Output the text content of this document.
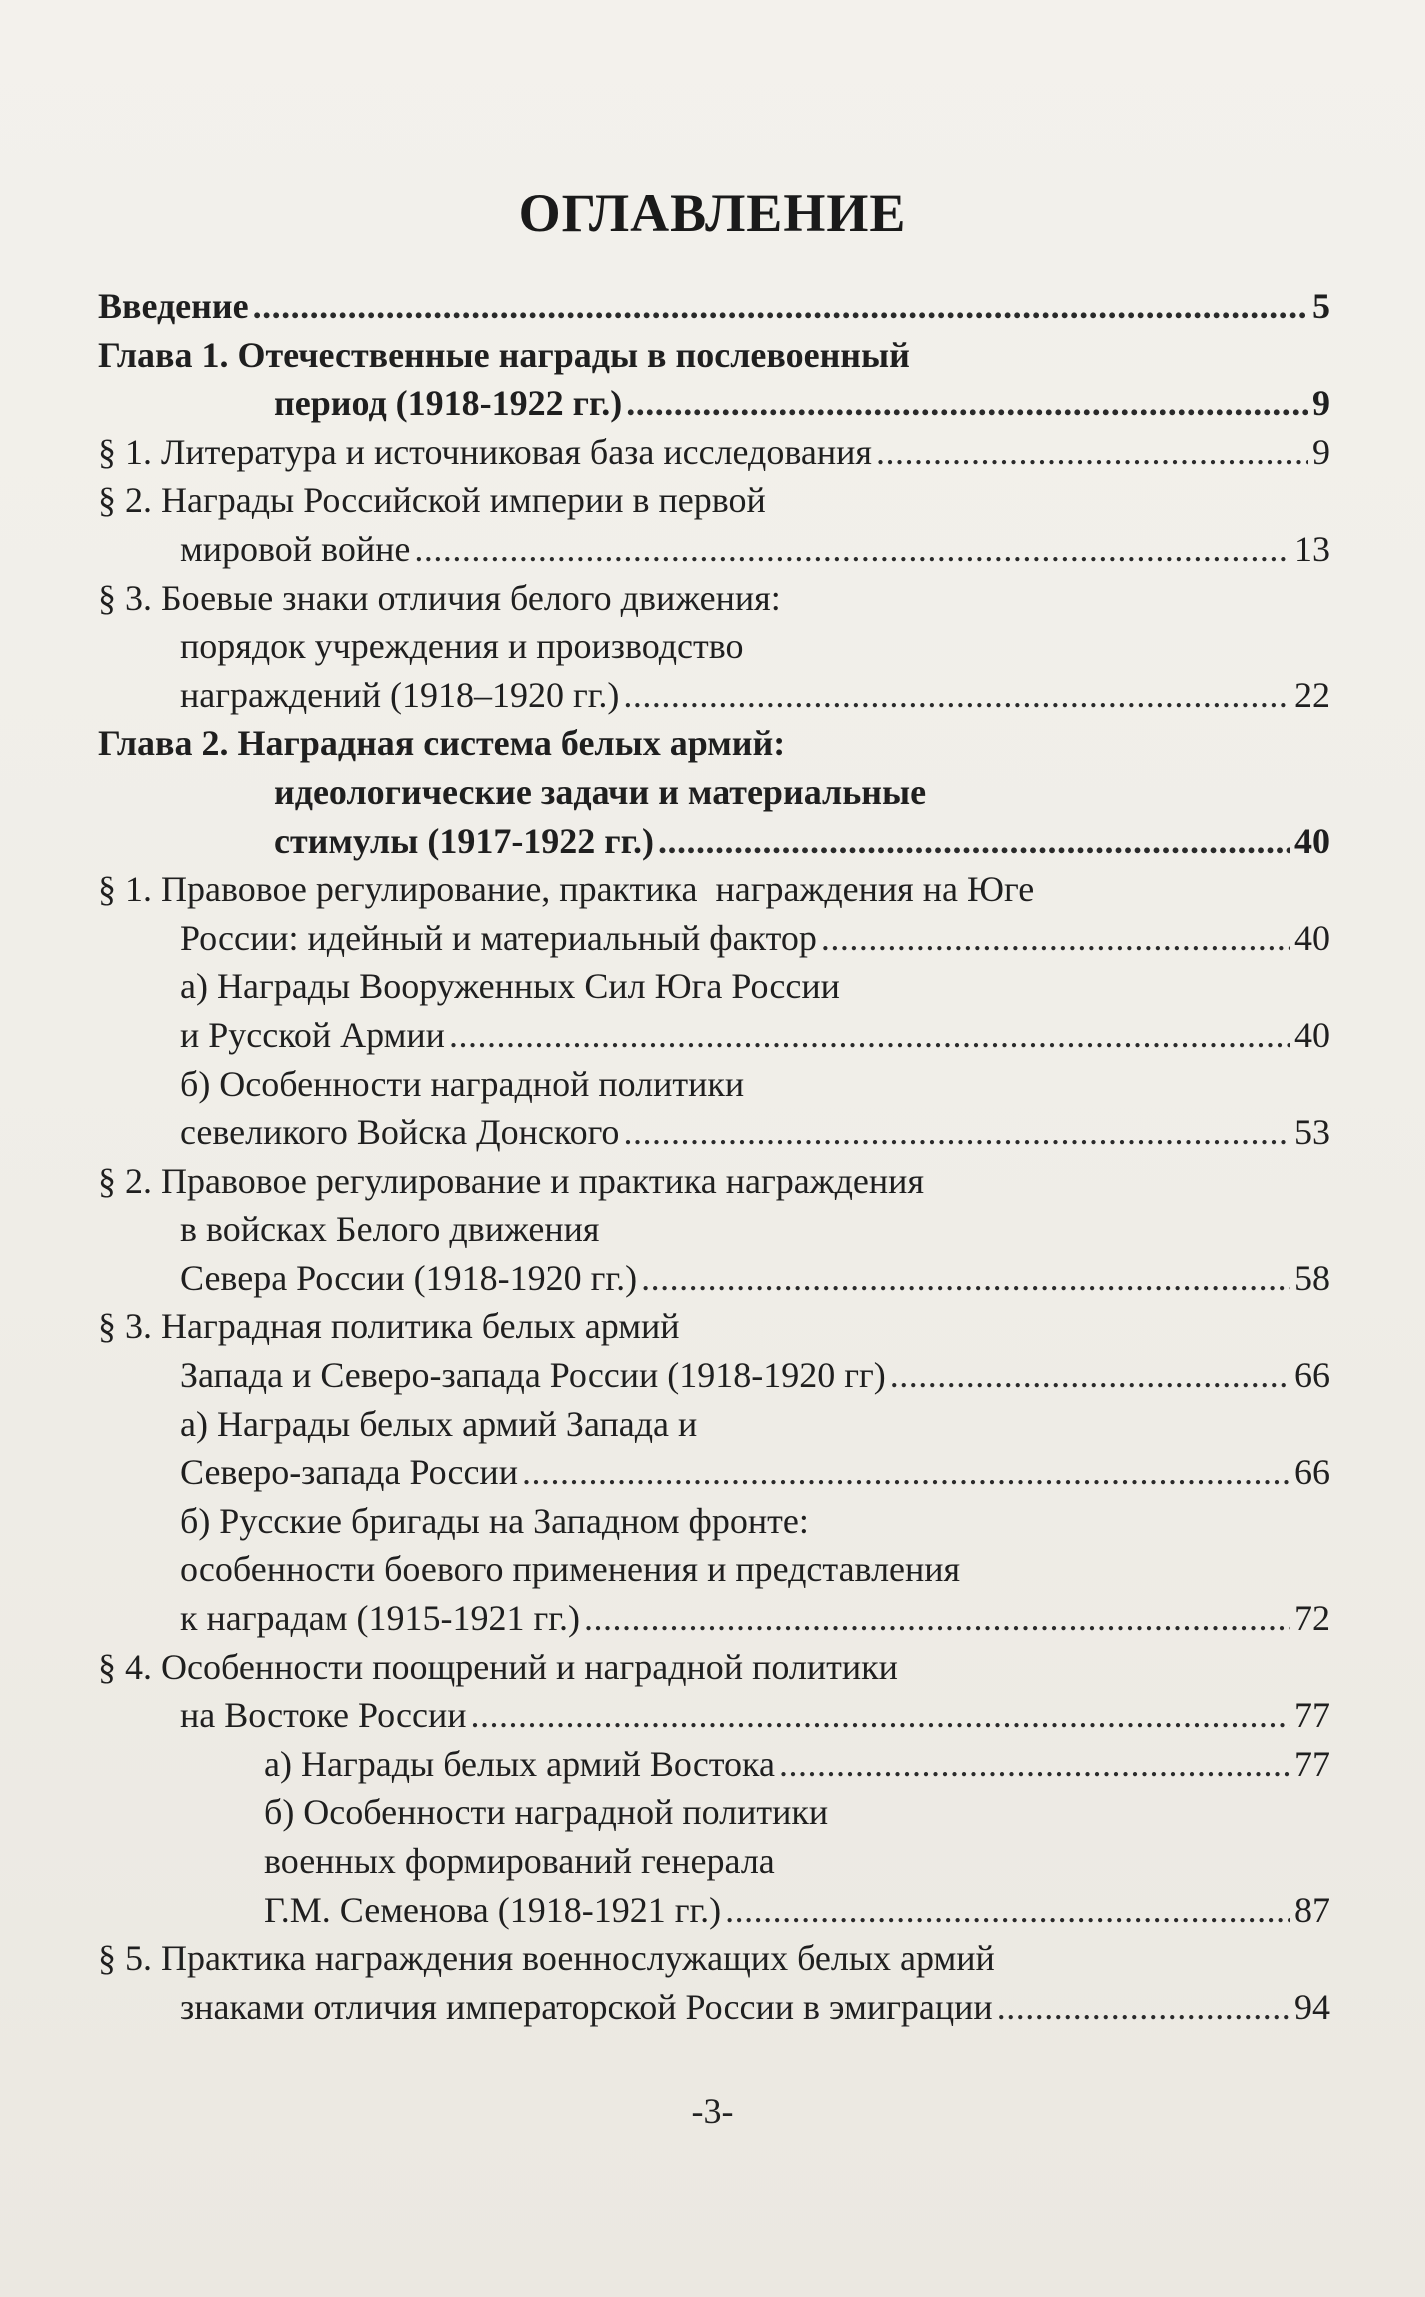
ОГЛАВЛЕНИЕ
Введение .....	5
Глава 1. Отечественные награды в послевоенный
период (1918-1922 гг.) .....	9
§ 1. Литература и источниковая база исследования .....	9
§ 2. Награды Российской империи в первой
мировой войне .....	13
§ 3. Боевые знаки отличия белого движения:
порядок учреждения и производство
награждений (1918–1920 гг.) .....	22
Глава 2. Наградная система белых армий:
идеологические задачи и материальные
стимулы (1917-1922 гг.) .....	40
§ 1. Правовое регулирование, практика  награждения на Юге
России: идейный и материальный фактор .....	40
а) Награды Вооруженных Сил Юга России
и Русской Армии .....	40
б) Особенности наградной политики
севеликого Войска Донского .....	53
§ 2. Правовое регулирование и практика награждения
в войсках Белого движения
Севера России (1918-1920 гг.) .....	58
§ 3. Наградная политика белых армий
Запада и Северо-запада России (1918-1920 гг) .....	66
а) Награды белых армий Запада и
Северо-запада России .....	66
б) Русские бригады на Западном фронте:
особенности боевого применения и представления
к наградам (1915-1921 гг.) .....	72
§ 4. Особенности поощрений и наградной политики
на Востоке России .....	77
а) Награды белых армий Востока .....	77
б) Особенности наградной политики
военных формирований генерала
Г.М. Семенова (1918-1921 гг.) .....	87
§ 5. Практика награждения военнослужащих белых армий
знаками отличия императорской России в эмиграции .....	94
-3-
